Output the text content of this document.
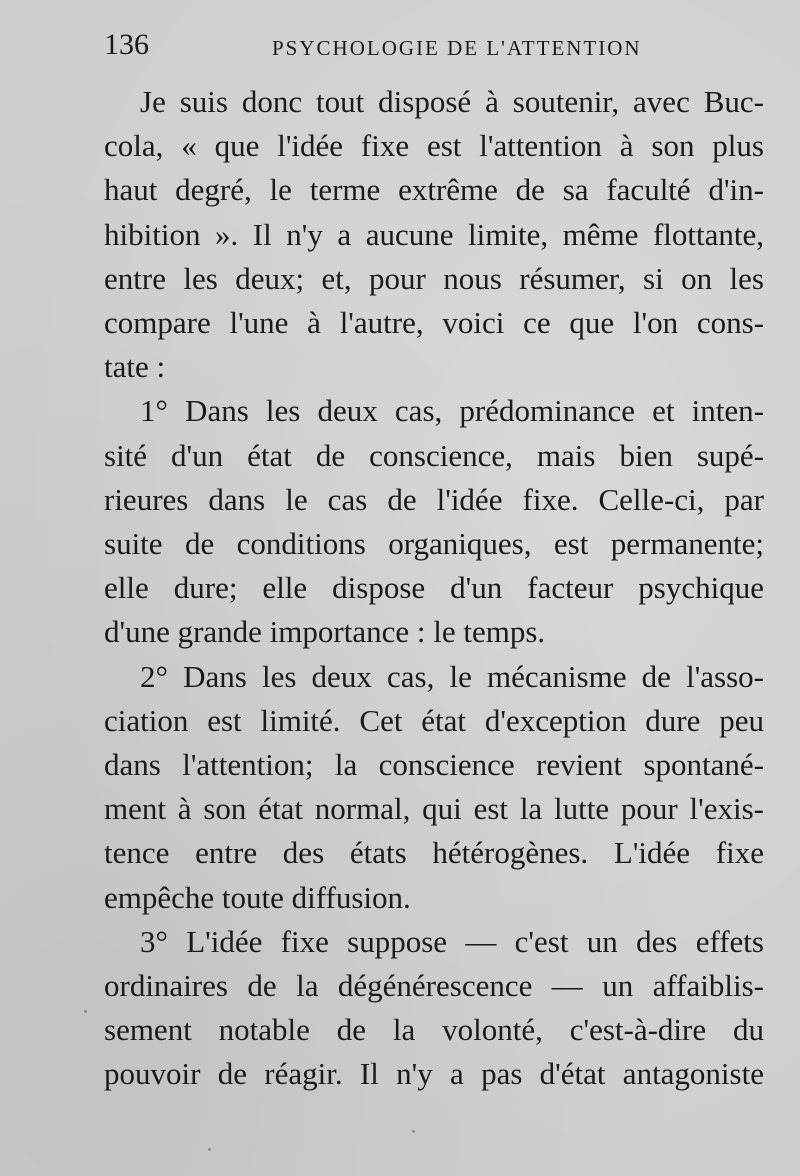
136	PSYCHOLOGIE DE L'ATTENTION

Je suis donc tout disposé à soutenir, avec Buc-
cola, « que l'idée fixe est l'attention à son plus
haut degré, le terme extrême de sa faculté d'in-
hibition ». Il n'y a aucune limite, même flottante,
entre les deux; et, pour nous résumer, si on les
compare l'une à l'autre, voici ce que l'on cons-
tate :

1° Dans les deux cas, prédominance et inten-
sité d'un état de conscience, mais bien supé-
rieures dans le cas de l'idée fixe. Celle-ci, par
suite de conditions organiques, est permanente;
elle dure; elle dispose d'un facteur psychique
d'une grande importance : le temps.

2° Dans les deux cas, le mécanisme de l'asso-
ciation est limité. Cet état d'exception dure peu
dans l'attention; la conscience revient spontané-
ment à son état normal, qui est la lutte pour l'exis-
tence entre des états hétérogènes. L'idée fixe
empêche toute diffusion.

3° L'idée fixe suppose — c'est un des effets
ordinaires de la dégénérescence — un affaiblis-
sement notable de la volonté, c'est-à-dire du
pouvoir de réagir. Il n'y a pas d'état antagoniste
